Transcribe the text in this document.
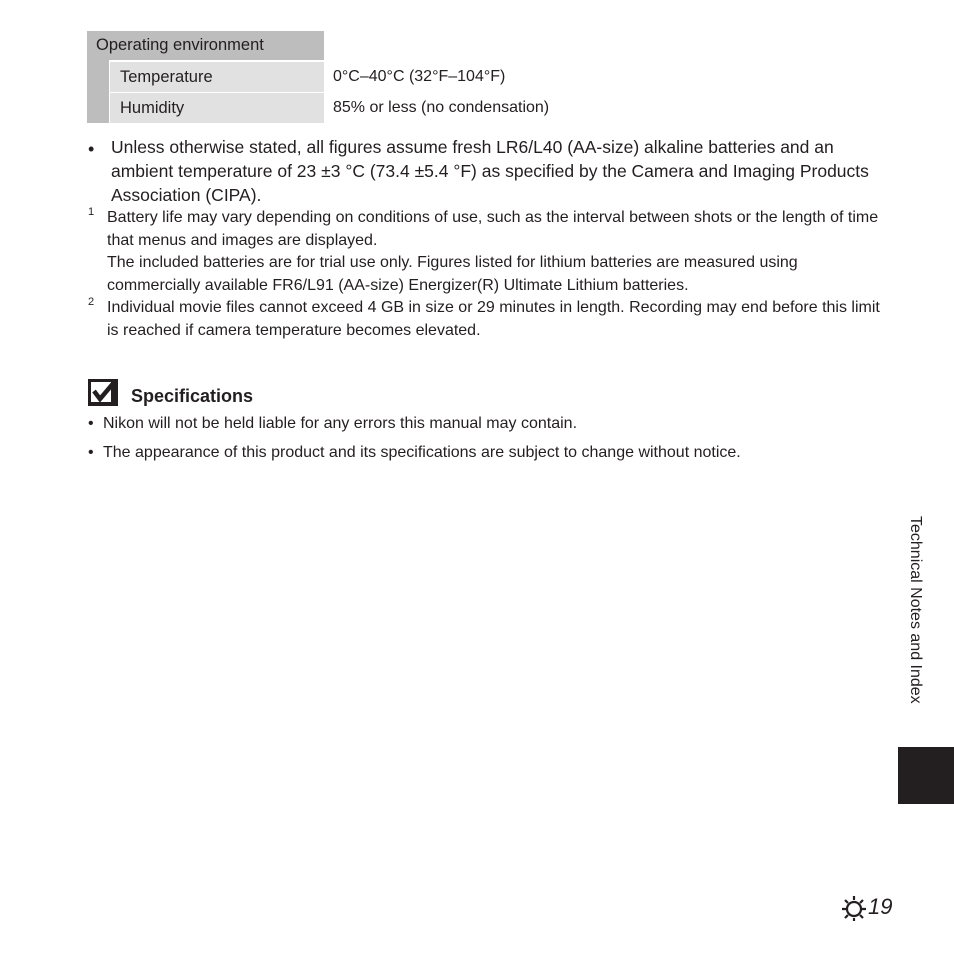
Operating environment
Temperature	0°C–40°C (32°F–104°F)
Humidity	85% or less (no condensation)
• Unless otherwise stated, all figures assume fresh LR6/L40 (AA-size) alkaline batteries and an ambient temperature of 23 ±3 °C (73.4 ±5.4 °F) as specified by the Camera and Imaging Products Association (CIPA).
1 Battery life may vary depending on conditions of use, such as the interval between shots or the length of time that menus and images are displayed.
The included batteries are for trial use only. Figures listed for lithium batteries are measured using commercially available FR6/L91 (AA-size) Energizer(R) Ultimate Lithium batteries.
2 Individual movie files cannot exceed 4 GB in size or 29 minutes in length. Recording may end before this limit is reached if camera temperature becomes elevated.
Specifications
• Nikon will not be held liable for any errors this manual may contain.
• The appearance of this product and its specifications are subject to change without notice.
Technical Notes and Index
19
